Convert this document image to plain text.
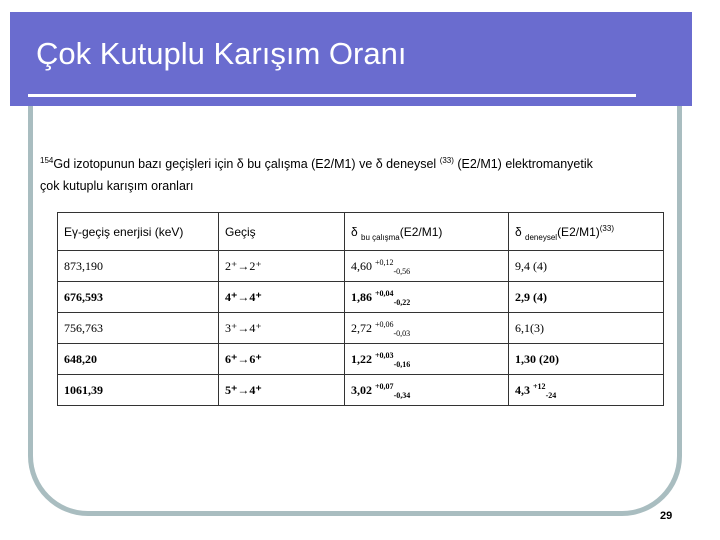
Çok Kutuplu Karışım Oranı
$^{154}$Gd izotopunun bazı geçişleri için δ bu çalışma (E2/M1) ve δ deneysel $^{(33)}$ (E2/M1) elektromanyetik
çok kutuplu karışım oranları
Eγ-geçiş enerjisi (keV)	Geçiş	δ $_{bu çalışma}$(E2/M1)	δ $_{deneysel}(E2/M1)^{(33)}$
873,190	2⁺→2⁺	4,60 $^{+0,12}_{-0,56}$	9,4 (4)
676,593	4⁺→4⁺	1,86 $^{+0,04}_{-0,22}$	2,9 (4)
756,763	3⁺→4⁺	2,72 $^{+0,06}_{-0,03}$	6,1(3)
648,20	6⁺→6⁺	1,22 $^{+0,03}_{-0,16}$	1,30 (20)
1061,39	5⁺→4⁺	3,02 $^{+0,07}_{-0,34}$	4,3 $^{+12}_{-24}$
29
